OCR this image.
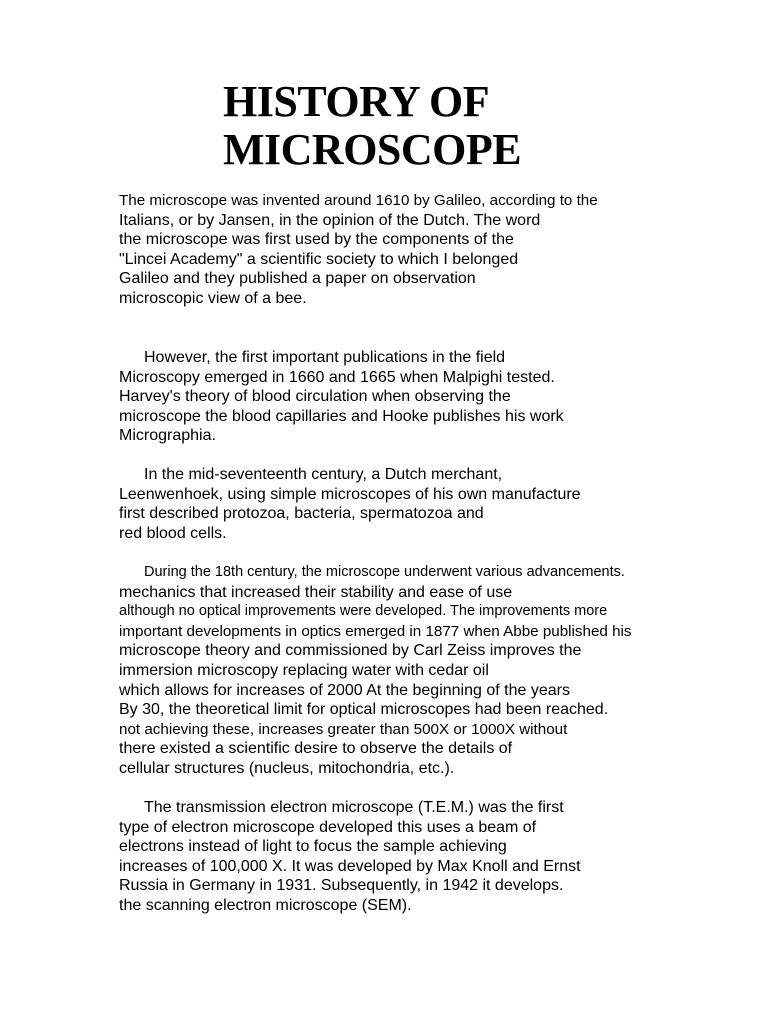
HISTORY OF
MICROSCOPE

The microscope was invented around 1610 by Galileo, according to the
Italians, or by Jansen, in the opinion of the Dutch. The word
the microscope was first used by the components of the
"Lincei Academy" a scientific society to which I belonged
Galileo and they published a paper on observation
microscopic view of a bee.

However, the first important publications in the field
Microscopy emerged in 1660 and 1665 when Malpighi tested.
Harvey's theory of blood circulation when observing the
microscope the blood capillaries and Hooke publishes his work
Micrographia.

In the mid-seventeenth century, a Dutch merchant,
Leenwenhoek, using simple microscopes of his own manufacture
first described protozoa, bacteria, spermatozoa and
red blood cells.

During the 18th century, the microscope underwent various advancements.
mechanics that increased their stability and ease of use
although no optical improvements were developed. The improvements more
important developments in optics emerged in 1877 when Abbe published his
microscope theory and commissioned by Carl Zeiss improves the
immersion microscopy replacing water with cedar oil
which allows for increases of 2000 At the beginning of the years
By 30, the theoretical limit for optical microscopes had been reached.
not achieving these, increases greater than 500X or 1000X without
there existed a scientific desire to observe the details of
cellular structures (nucleus, mitochondria, etc.).

The transmission electron microscope (T.E.M.) was the first
type of electron microscope developed this uses a beam of
electrons instead of light to focus the sample achieving
increases of 100,000 X. It was developed by Max Knoll and Ernst
Russia in Germany in 1931. Subsequently, in 1942 it develops.
the scanning electron microscope (SEM).
